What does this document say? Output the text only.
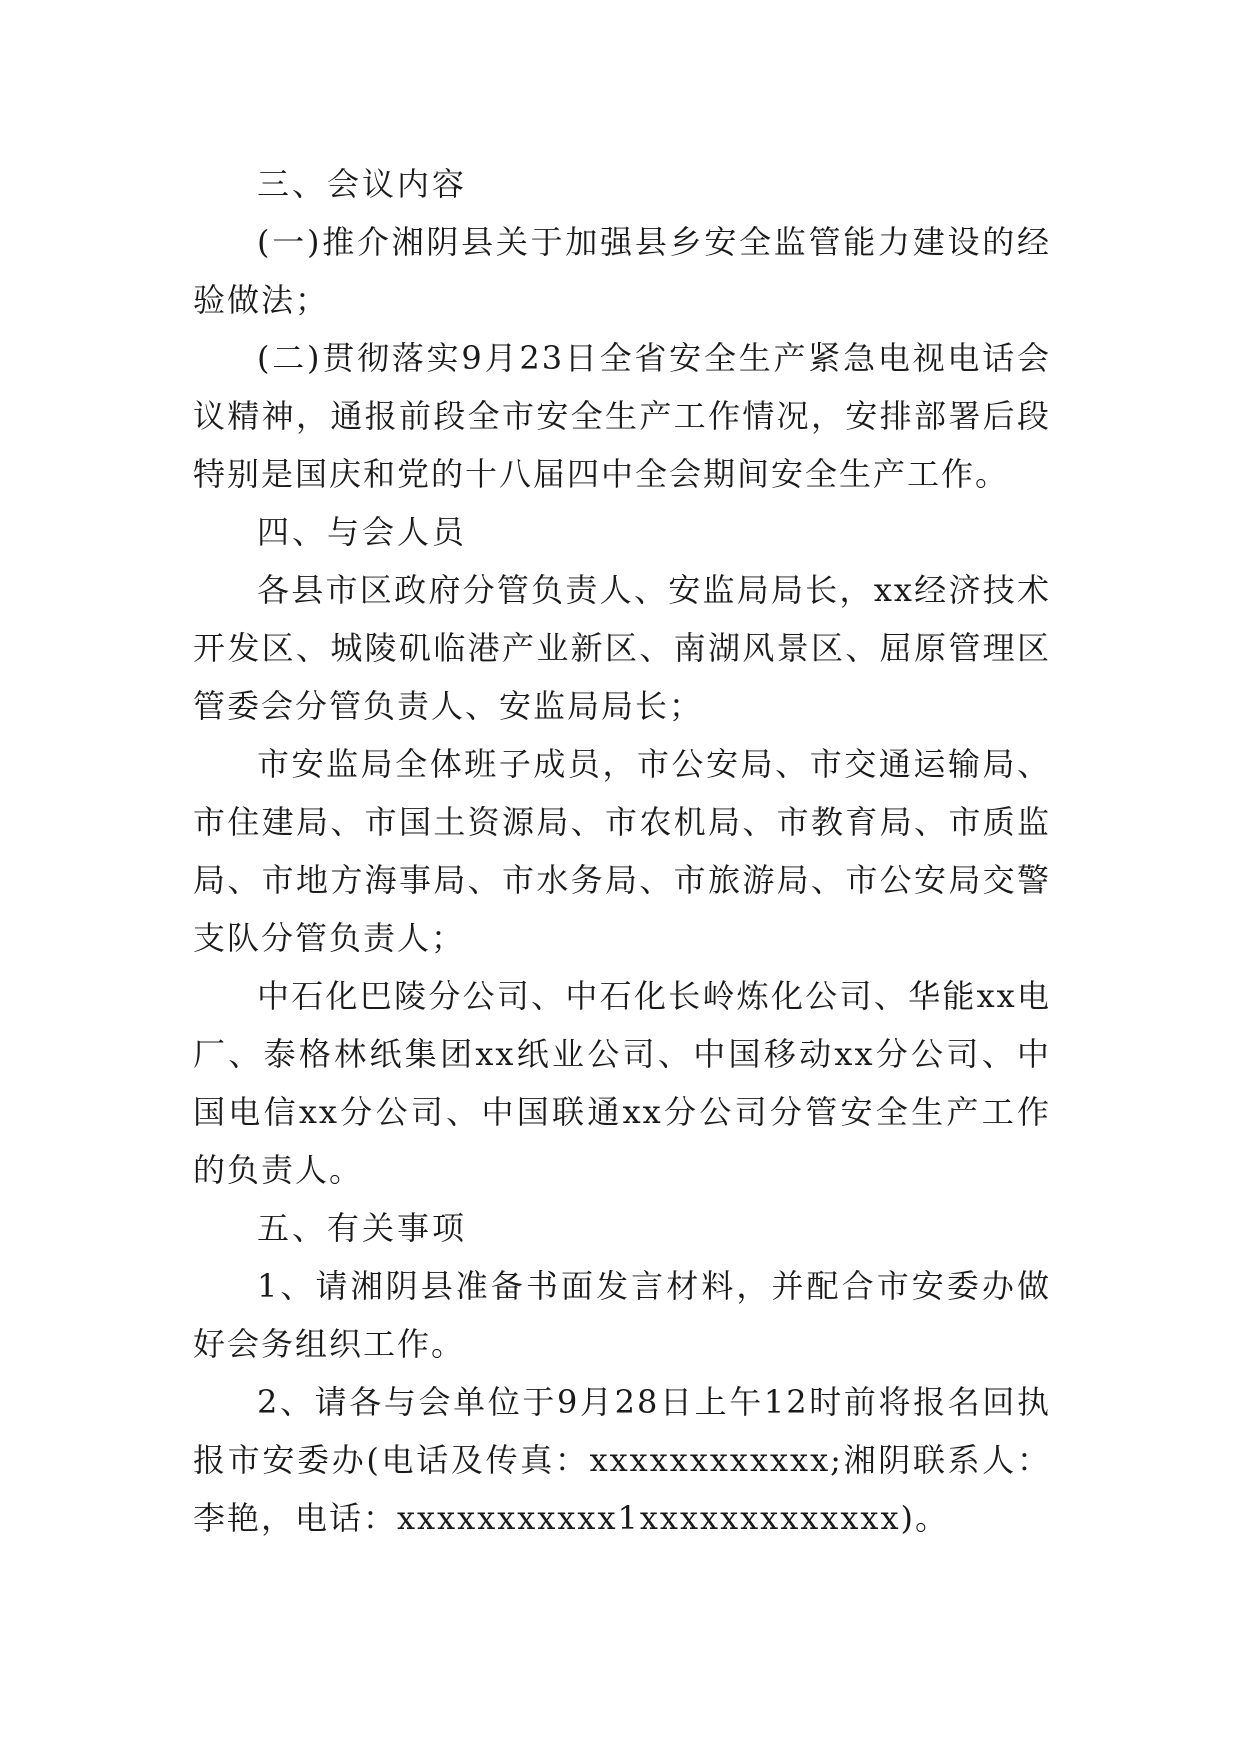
三、会议内容

(一)推介湘阴县关于加强县乡安全监管能力建设的经验做法；

(二)贯彻落实9月23日全省安全生产紧急电视电话会议精神，通报前段全市安全生产工作情况，安排部署后段特别是国庆和党的十八届四中全会期间安全生产工作。

四、与会人员

各县市区政府分管负责人、安监局局长，xx经济技术开发区、城陵矶临港产业新区、南湖风景区、屈原管理区管委会分管负责人、安监局局长；

市安监局全体班子成员，市公安局、市交通运输局、市住建局、市国土资源局、市农机局、市教育局、市质监局、市地方海事局、市水务局、市旅游局、市公安局交警支队分管负责人；

中石化巴陵分公司、中石化长岭炼化公司、华能xx电厂、泰格林纸集团xx纸业公司、中国移动xx分公司、中国电信xx分公司、中国联通xx分公司分管安全生产工作的负责人。

五、有关事项

1、请湘阴县准备书面发言材料，并配合市安委办做好会务组织工作。

2、请各与会单位于9月28日上午12时前将报名回执报市安委办(电话及传真：xxxxxxxxxxxx;湘阴联系人：李艳，电话：xxxxxxxxxxx1xxxxxxxxxxxxx)。
